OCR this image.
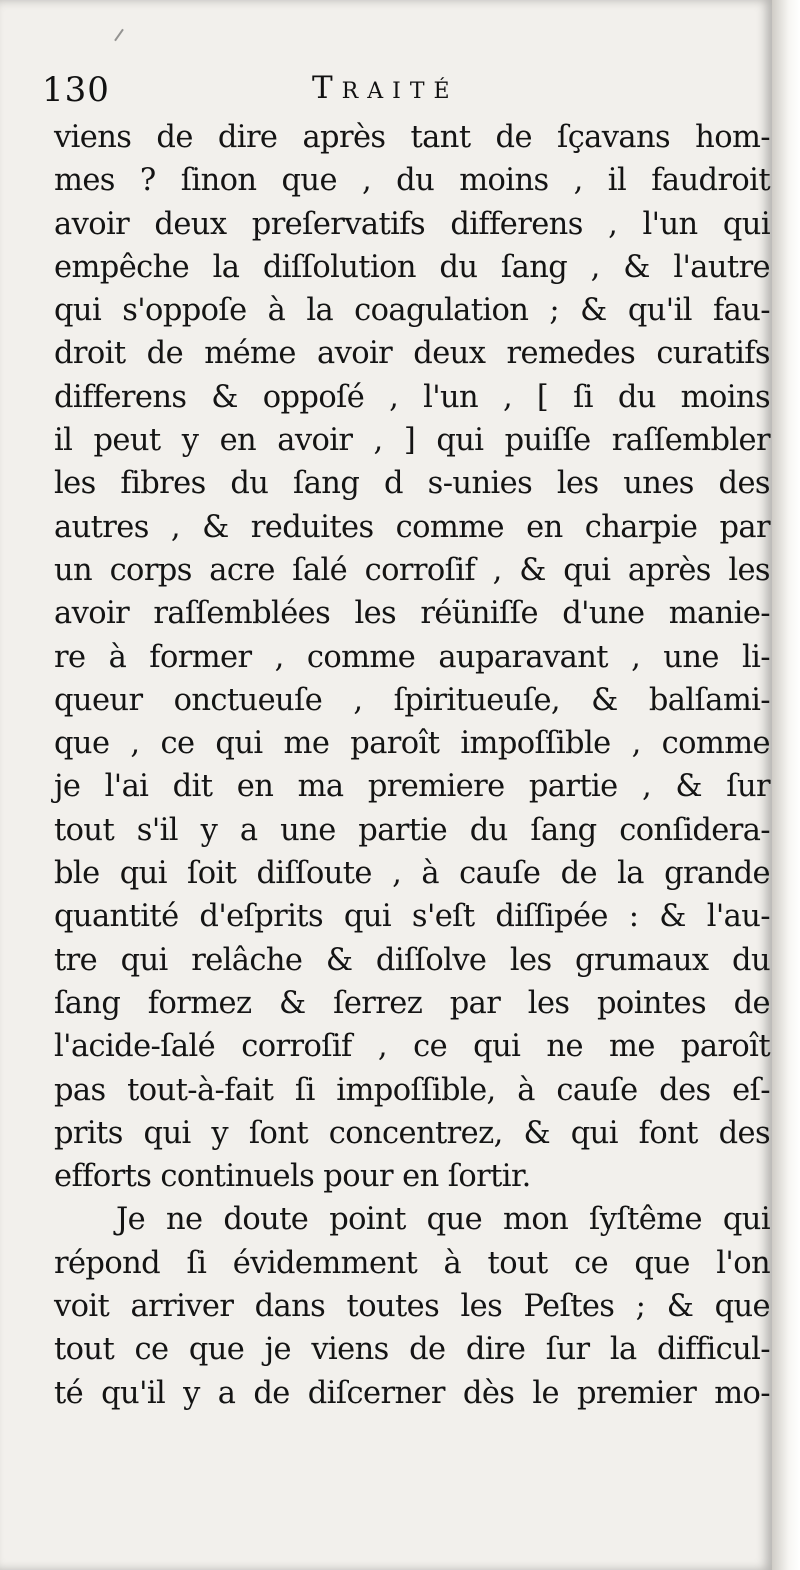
130	Traité
viens de dire après tant de ſçavans hom-
mes ? ſinon que , du moins , il faudroit
avoir deux preſervatifs differens , l'un qui
empêche la diſſolution du ſang , & l'autre
qui s'oppoſe à la coagulation ; & qu'il fau-
droit de méme avoir deux remedes curatifs
differens & oppoſé , l'un , [ ſi du moins
il peut y en avoir , ] qui puiſſe raſſembler
les fibres du ſang d s-unies les unes des
autres , & reduites comme en charpie par
un corps acre ſalé corroſif , & qui après les
avoir raſſemblées les réüniſſe d'une manie-
re à former , comme auparavant , une li-
queur onctueuſe , ſpiritueuſe, & balſami-
que , ce qui me paroît impoſſible , comme
je l'ai dit en ma premiere partie , & ſur
tout s'il y a une partie du ſang conſidera-
ble qui ſoit diſſoute , à cauſe de la grande
quantité d'eſprits qui s'eſt diſſipée : & l'au-
tre qui relâche & diſſolve les grumaux du
ſang formez & ſerrez par les pointes de
l'acide-ſalé corroſif , ce qui ne me paroît
pas tout-à-fait ſi impoſſible, à cauſe des eſ-
prits qui y ſont concentrez, & qui font des
efforts continuels pour en ſortir.
Je ne doute point que mon ſyſtême qui
répond ſi évidemment à tout ce que l'on
voit arriver dans toutes les Peſtes ; & que
tout ce que je viens de dire ſur la difficul-
té qu'il y a de diſcerner dès le premier mo-
